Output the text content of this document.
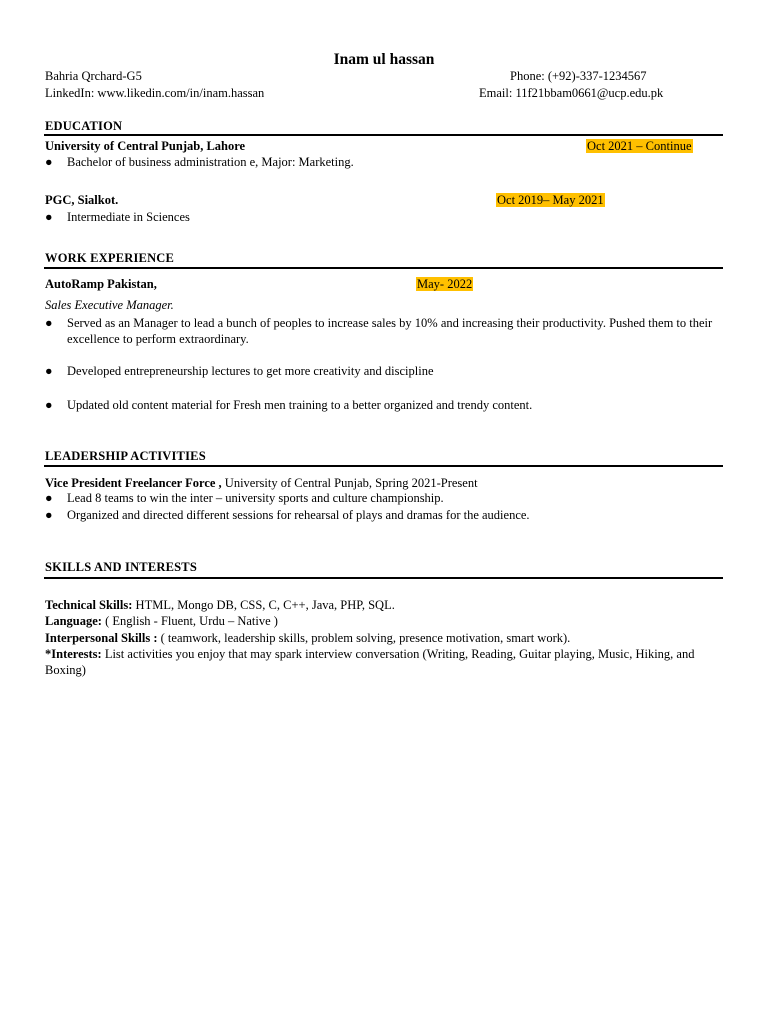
Inam ul hassan
Bahria Qrchard-G5	Phone: (+92)-337-1234567
LinkedIn: www.likedin.com/in/inam.hassan	Email: 11f21bbam0661@ucp.edu.pk
EDUCATION
University of Central Punjab, Lahore	Oct 2021 – Continue
● Bachelor of business administration e, Major: Marketing.
PGC, Sialkot.	Oct 2019– May 2021
● Intermediate in Sciences
WORK EXPERIENCE
AutoRamp Pakistan,	May- 2022
Sales Executive Manager.
● Served as an Manager to lead a bunch of peoples to increase sales by 10% and increasing their productivity. Pushed them to their excellence to perform extraordinary.
● Developed entrepreneurship lectures to get more creativity and discipline
● Updated old content material for Fresh men training to a better organized and trendy content.
LEADERSHIP ACTIVITIES
Vice President Freelancer Force , University of Central Punjab, Spring 2021-Present
● Lead 8 teams to win the inter – university sports and culture championship.
● Organized and directed different sessions for rehearsal of plays and dramas for the audience.
SKILLS AND INTERESTS
Technical Skills: HTML, Mongo DB, CSS, C, C++, Java, PHP, SQL.
Language: ( English - Fluent, Urdu – Native )
Interpersonal Skills : ( teamwork, leadership skills, problem solving, presence motivation, smart work).
*Interests: List activities you enjoy that may spark interview conversation (Writing, Reading, Guitar playing, Music, Hiking, and Boxing)
